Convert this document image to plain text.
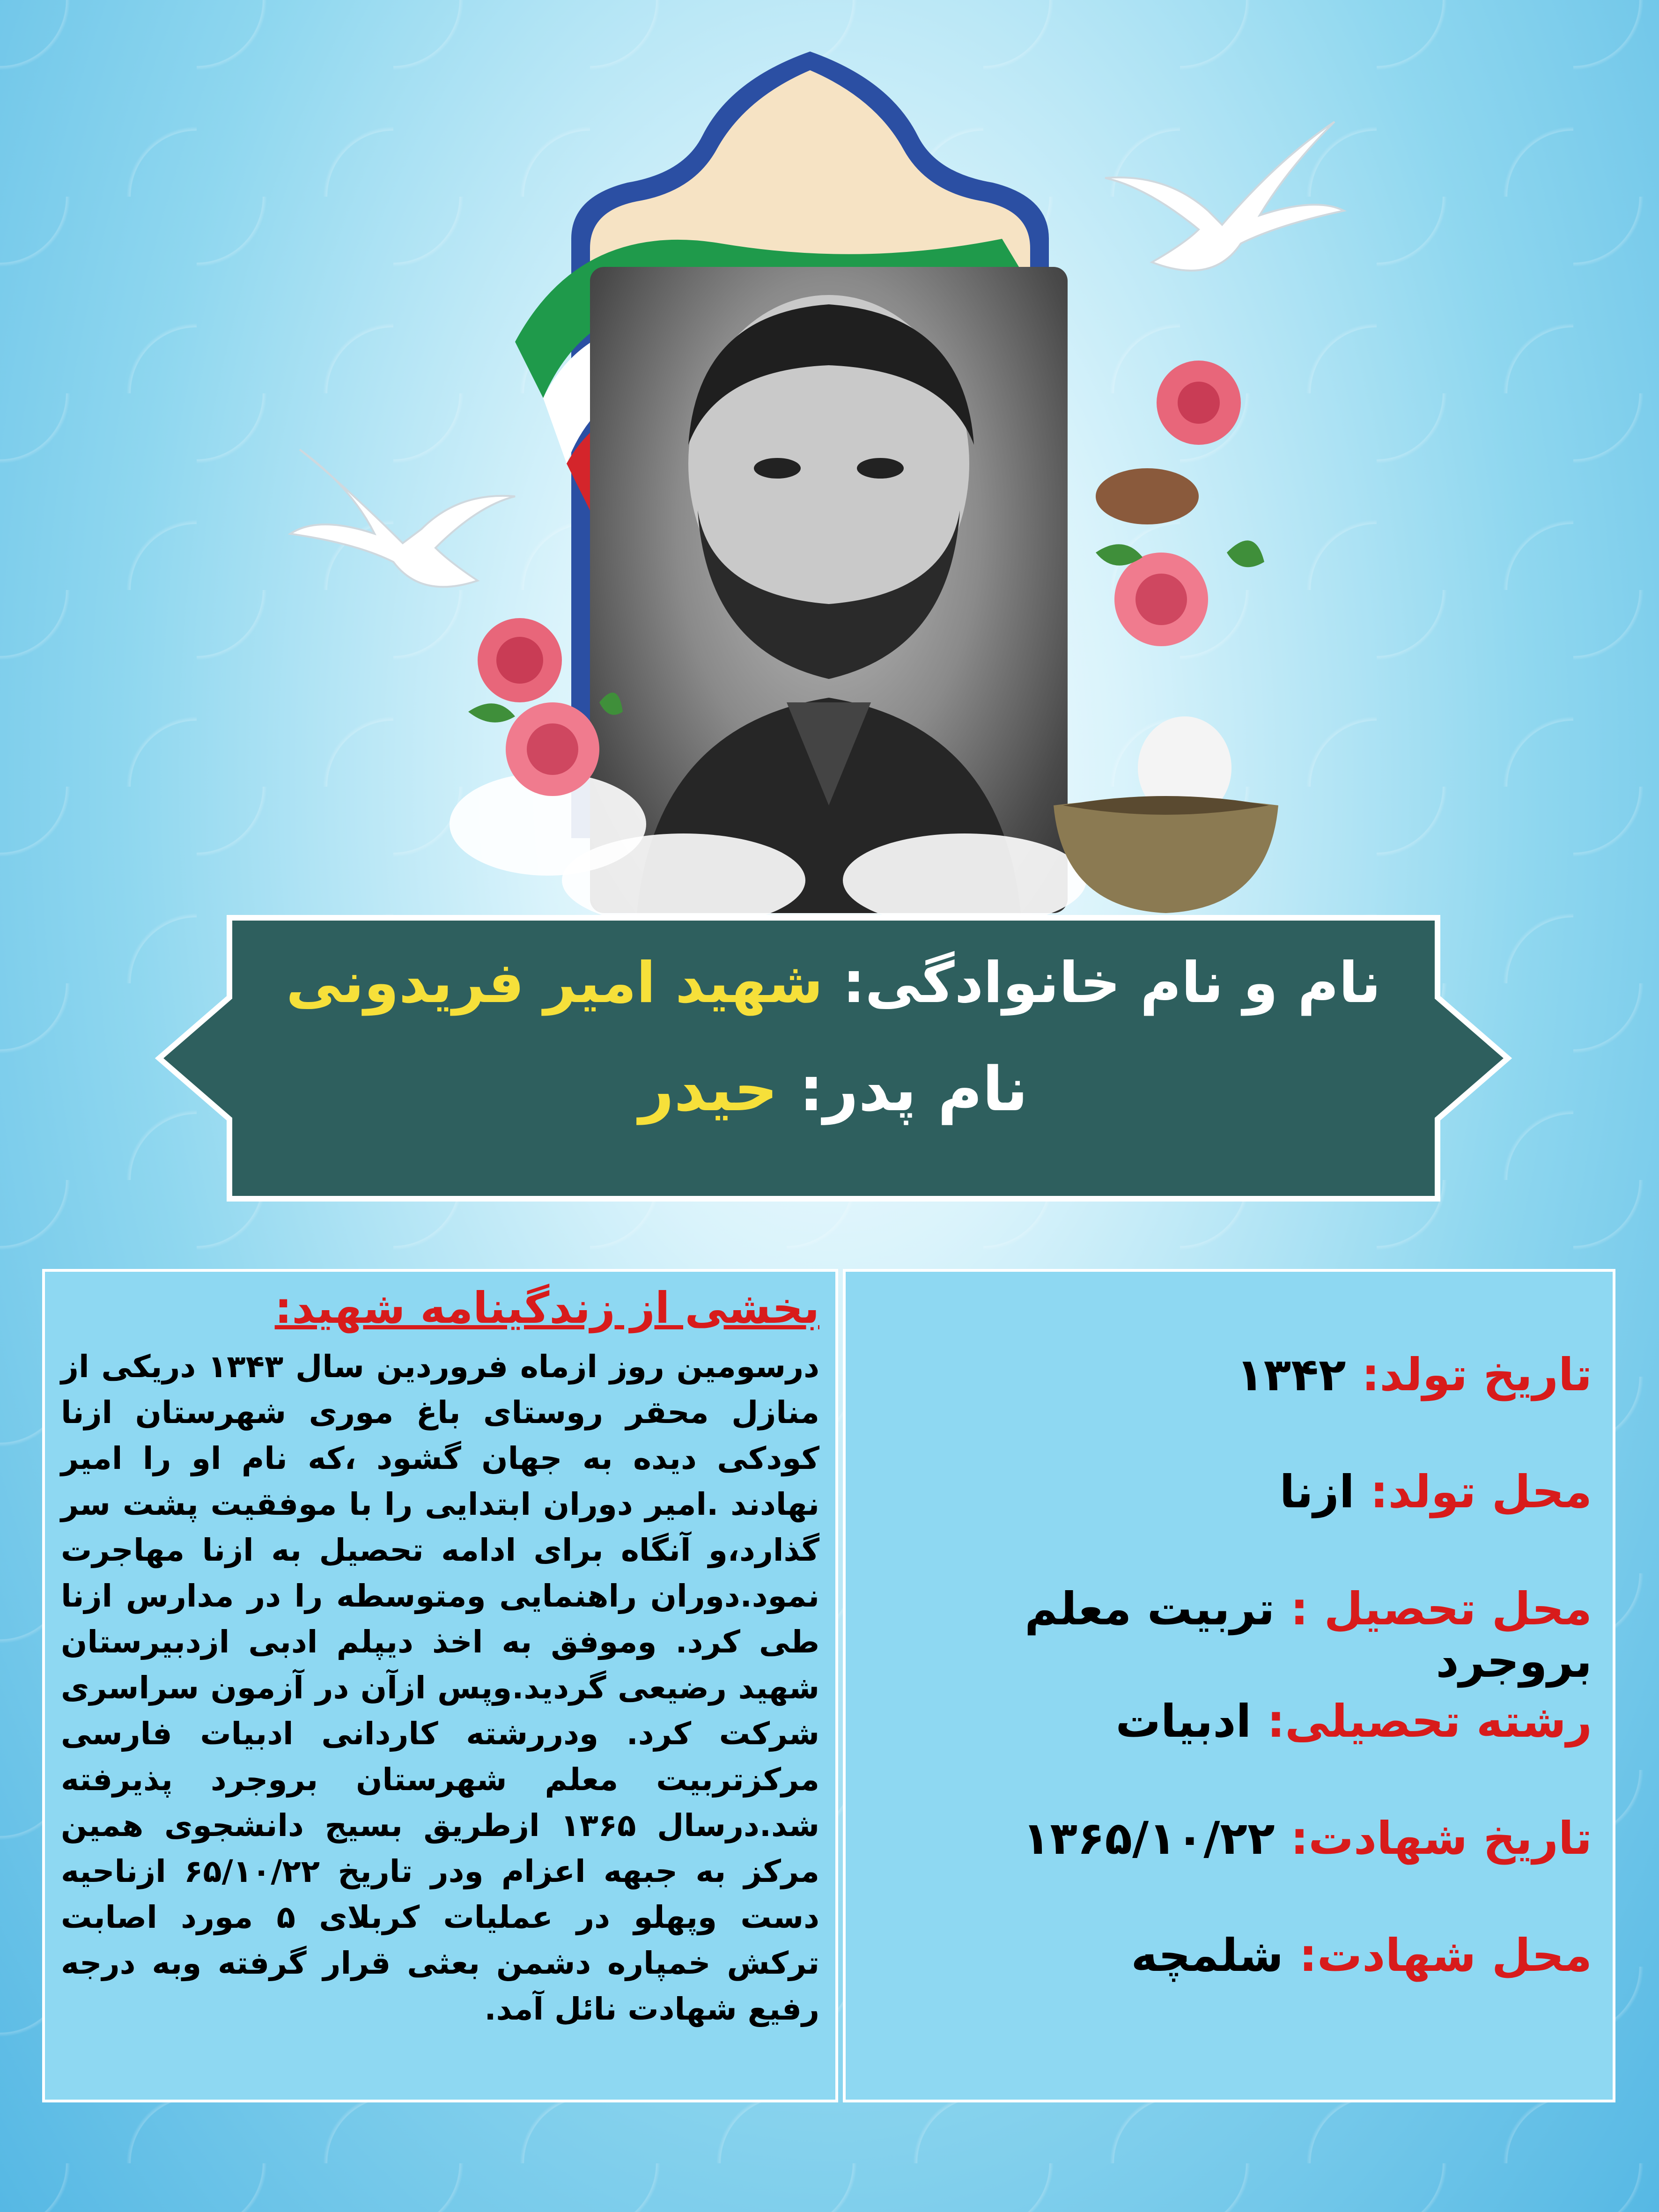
نام و نام خانوادگی: شهید امیر فریدونی
نام پدر: حیدر
بخشی از زندگینامه شهید:
درسومین روز ازماه فروردین سال ۱۳۴۳ دریکی از منازل محقر روستای باغ موری شهرستان ازنا کودکی دیده به جهان گشود ،که نام او را امیر نهادند .امیر دوران ابتدایی را با موفقیت پشت سر گذارد،و آنگاه برای ادامه تحصیل به ازنا مهاجرت نمود.دوران راهنمایی ومتوسطه را در مدارس ازنا طی کرد. وموفق به اخذ دیپلم ادبی ازدبیرستان شهید رضیعی گردید.وپس ازآن در آزمون سراسری شرکت کرد. ودررشته کاردانی ادبیات فارسی مرکزتربیت معلم شهرستان بروجرد پذیرفته شد.درسال ۱۳۶۵ ازطریق بسیج دانشجوی همین مرکز به جبهه اعزام ودر تاریخ ۶۵/۱۰/۲۲ ازناحیه دست وپهلو در عملیات کربلای ۵ مورد اصابت ترکش خمپاره دشمن بعثی قرار گرفته وبه درجه رفیع شهادت نائل آمد.
تاریخ تولد: ۱۳۴۲
محل تولد: ازنا
محل تحصیل : تربیت معلم بروجرد
رشته تحصیلی: ادبیات
تاریخ شهادت: ۱۳۶۵/۱۰/۲۲
محل شهادت: شلمچه
